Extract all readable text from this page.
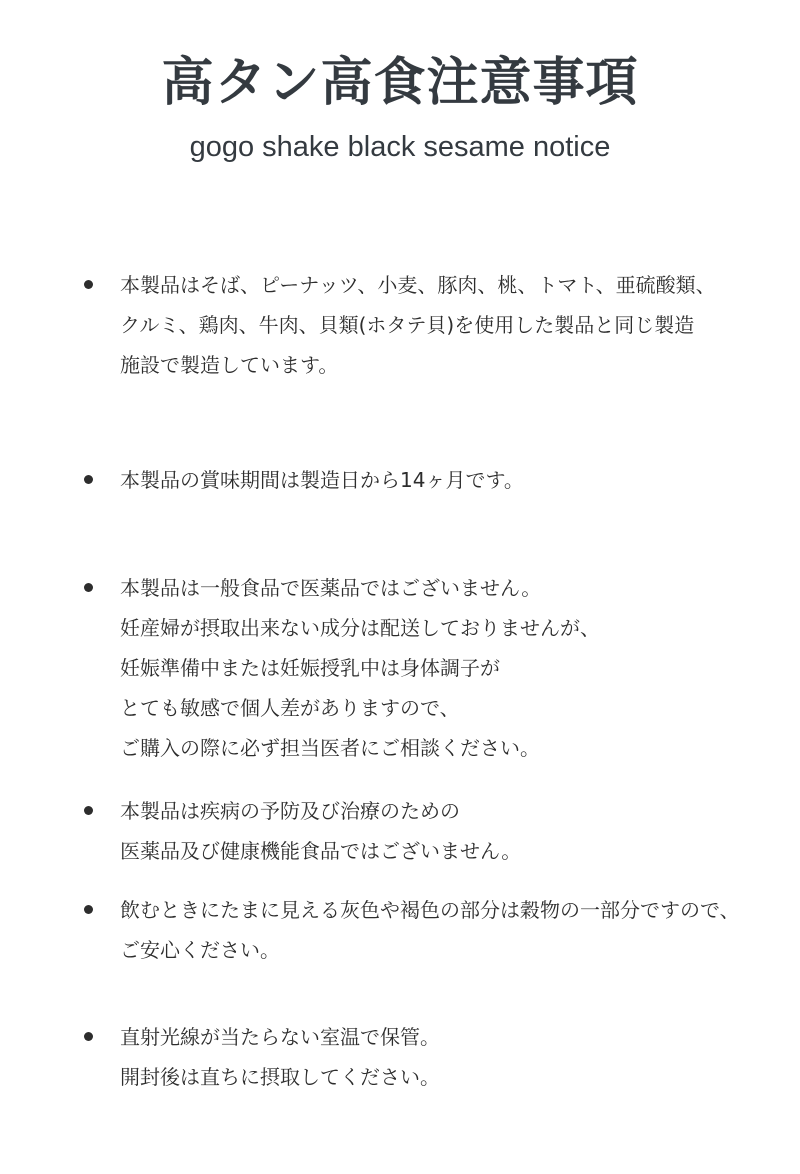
高タン高食注意事項

gogo shake black sesame notice

本製品はそば、ピーナッツ、小麦、豚肉、桃、トマト、亜硫酸類、
クルミ、鶏肉、牛肉、貝類(ホタテ貝)を使用した製品と同じ製造
施設で製造しています。
本製品の賞味期間は製造日から14ヶ月です。
本製品は一般食品で医薬品ではございません。
妊産婦が摂取出来ない成分は配送しておりませんが、
妊娠準備中または妊娠授乳中は身体調子が
とても敏感で個人差がありますので、
ご購入の際に必ず担当医者にご相談ください。
本製品は疾病の予防及び治療のための
医薬品及び健康機能食品ではございません。
飲むときにたまに見える灰色や褐色の部分は穀物の一部分ですので、
ご安心ください。
直射光線が当たらない室温で保管。
開封後は直ちに摂取してください。
